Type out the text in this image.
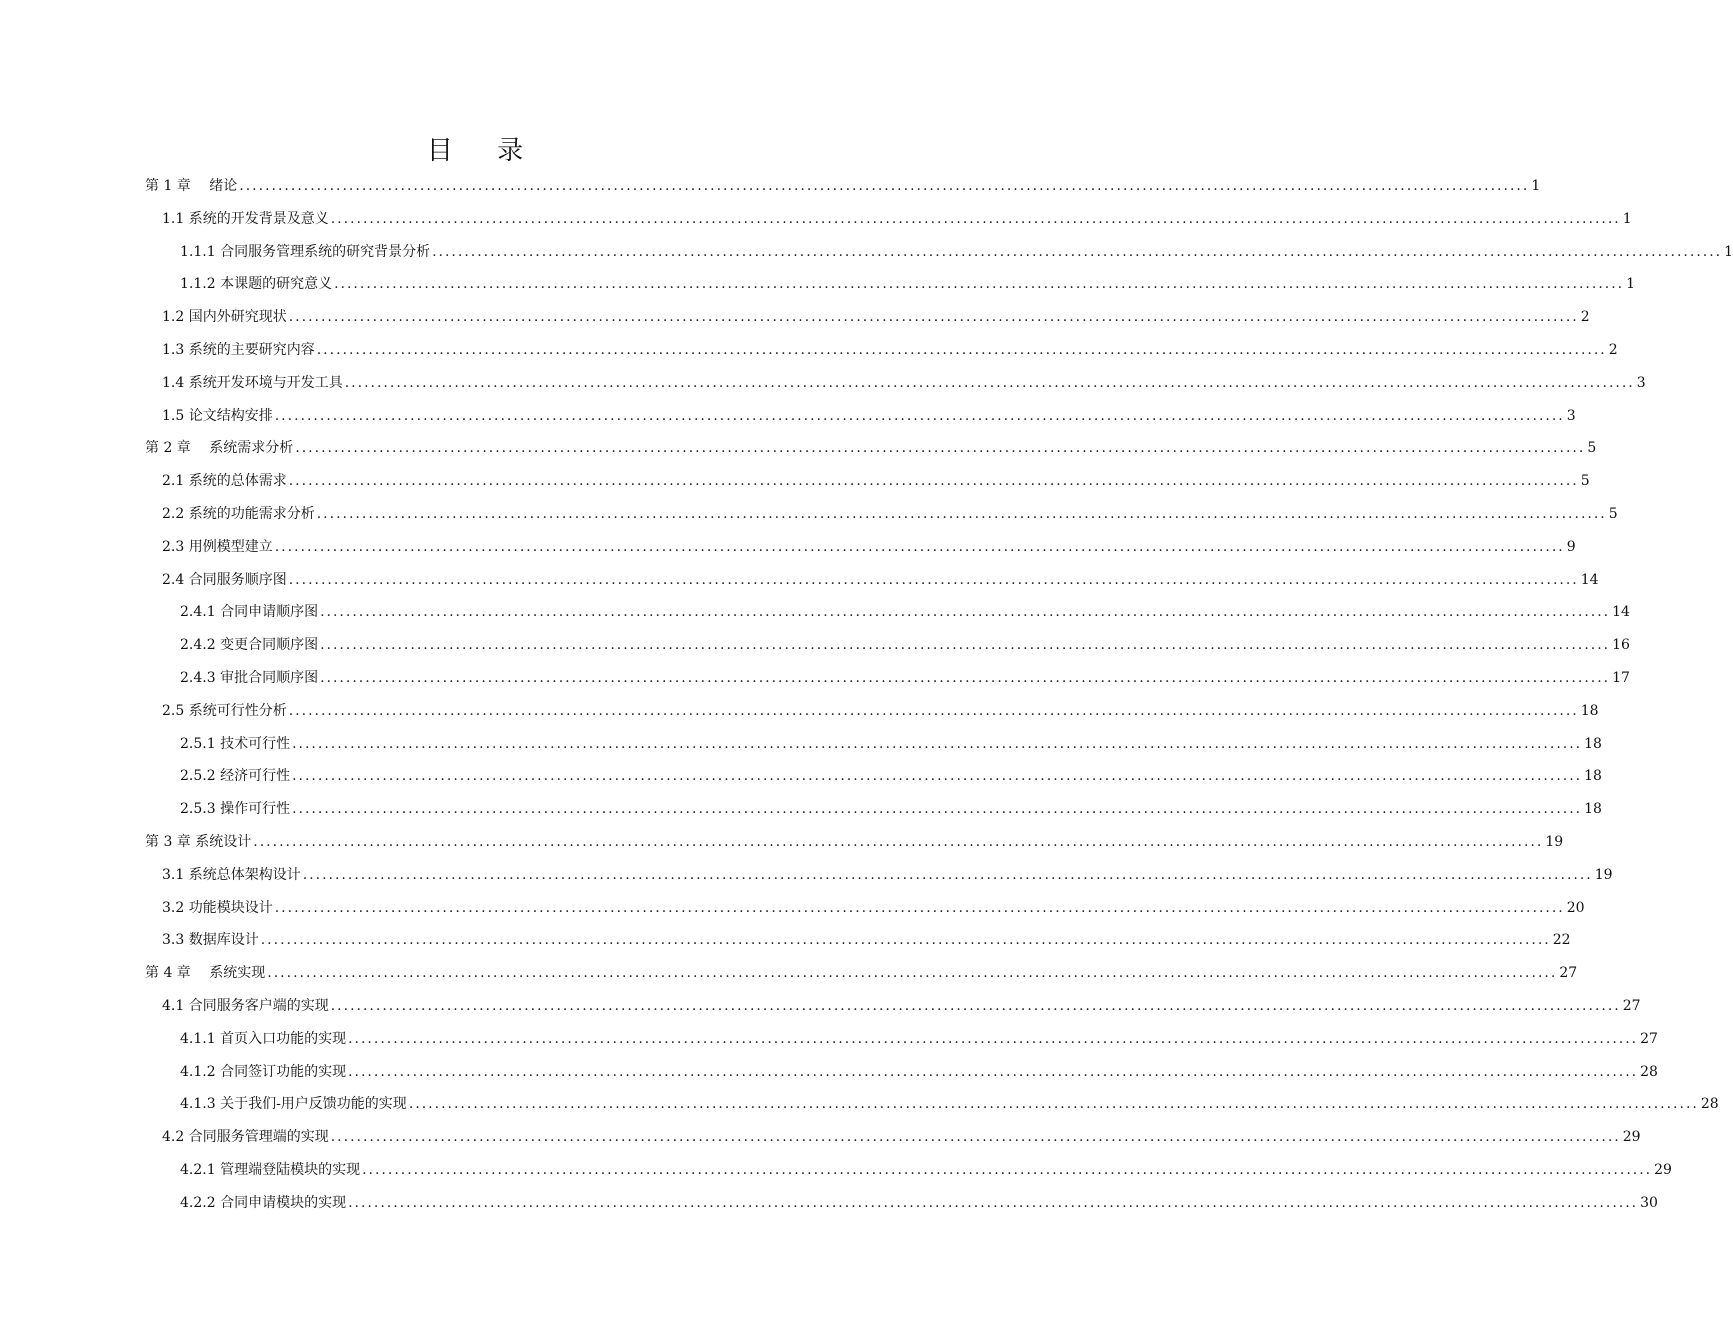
目 录
第 1 章　 绪论 ........................................................................................................................................................................................................ 1
1.1 系统的开发背景及意义 ........................................................................................................................................................................................................ 1
1.1.1 合同服务管理系统的研究背景分析 ........................................................................................................................................................................................................ 1
1.1.2 本课题的研究意义 ........................................................................................................................................................................................................ 1
1.2 国内外研究现状 ........................................................................................................................................................................................................ 2
1.3 系统的主要研究内容 ........................................................................................................................................................................................................ 2
1.4 系统开发环境与开发工具 ........................................................................................................................................................................................................ 3
1.5 论文结构安排 ........................................................................................................................................................................................................ 3
第 2 章　 系统需求分析 ........................................................................................................................................................................................................ 5
2.1 系统的总体需求 ........................................................................................................................................................................................................ 5
2.2 系统的功能需求分析 ........................................................................................................................................................................................................ 5
2.3 用例模型建立 ........................................................................................................................................................................................................ 9
2.4 合同服务顺序图 ........................................................................................................................................................................................................ 14
2.4.1 合同申请顺序图 ........................................................................................................................................................................................................ 14
2.4.2 变更合同顺序图 ........................................................................................................................................................................................................ 16
2.4.3 审批合同顺序图 ........................................................................................................................................................................................................ 17
2.5 系统可行性分析 ........................................................................................................................................................................................................ 18
2.5.1 技术可行性 ........................................................................................................................................................................................................ 18
2.5.2 经济可行性 ........................................................................................................................................................................................................ 18
2.5.3 操作可行性 ........................................................................................................................................................................................................ 18
第 3 章 系统设计 ........................................................................................................................................................................................................ 19
3.1 系统总体架构设计 ........................................................................................................................................................................................................ 19
3.2 功能模块设计 ........................................................................................................................................................................................................ 20
3.3 数据库设计 ........................................................................................................................................................................................................ 22
第 4 章　 系统实现 ........................................................................................................................................................................................................ 27
4.1 合同服务客户端的实现 ........................................................................................................................................................................................................ 27
4.1.1 首页入口功能的实现 ........................................................................................................................................................................................................ 27
4.1.2 合同签订功能的实现 ........................................................................................................................................................................................................ 28
4.1.3 关于我们-用户反馈功能的实现 ........................................................................................................................................................................................................ 28
4.2 合同服务管理端的实现 ........................................................................................................................................................................................................ 29
4.2.1 管理端登陆模块的实现 ........................................................................................................................................................................................................ 29
4.2.2 合同申请模块的实现 ........................................................................................................................................................................................................ 30
